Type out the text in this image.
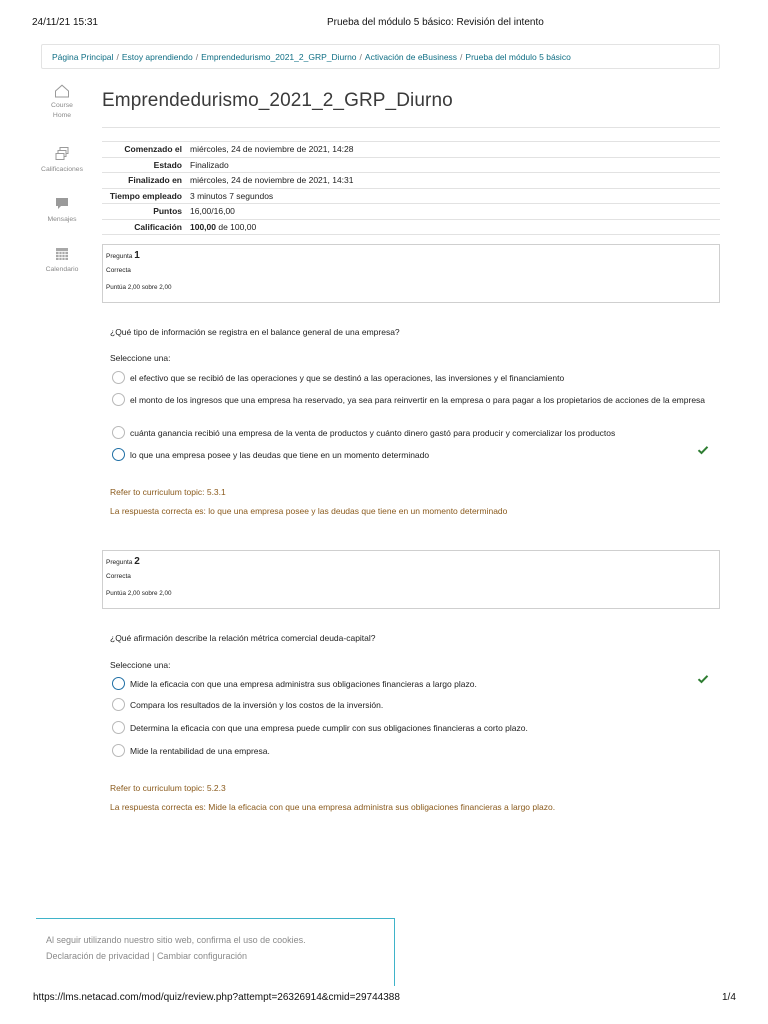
24/11/21 15:31	Prueba del módulo 5 básico: Revisión del intento
Página Principal / Estoy aprendiendo / Emprendedurismo_2021_2_GRP_Diurno / Activación de eBusiness / Prueba del módulo 5 básico
Course
Home
Calificaciones
Mensajes
Calendario
Emprendedurismo_2021_2_GRP_Diurno
Comenzado el	miércoles, 24 de noviembre de 2021, 14:28
Estado	Finalizado
Finalizado en	miércoles, 24 de noviembre de 2021, 14:31
Tiempo empleado	3 minutos 7 segundos
Puntos	16,00/16,00
Calificación	100,00 de 100,00
Pregunta 1
Correcta
Puntúa 2,00 sobre 2,00
¿Qué tipo de información se registra en el balance general de una empresa?
Seleccione una:
el efectivo que se recibió de las operaciones y que se destinó a las operaciones, las inversiones y el financiamiento
el monto de los ingresos que una empresa ha reservado, ya sea para reinvertir en la empresa o para pagar a los propietarios de acciones de la empresa
cuánta ganancia recibió una empresa de la venta de productos y cuánto dinero gastó para producir y comercializar los productos
lo que una empresa posee y las deudas que tiene en un momento determinado
Refer to curriculum topic: 5.3.1
La respuesta correcta es: lo que una empresa posee y las deudas que tiene en un momento determinado
Pregunta 2
Correcta
Puntúa 2,00 sobre 2,00
¿Qué afirmación describe la relación métrica comercial deuda-capital?
Seleccione una:
Mide la eficacia con que una empresa administra sus obligaciones financieras a largo plazo.
Compara los resultados de la inversión y los costos de la inversión.
Determina la eficacia con que una empresa puede cumplir con sus obligaciones financieras a corto plazo.
Mide la rentabilidad de una empresa.
Refer to curriculum topic: 5.2.3
La respuesta correcta es: Mide la eficacia con que una empresa administra sus obligaciones financieras a largo plazo.
Al seguir utilizando nuestro sitio web, confirma el uso de cookies.
Declaración de privacidad | Cambiar configuración
https://lms.netacad.com/mod/quiz/review.php?attempt=26326914&cmid=29744388	1/4
